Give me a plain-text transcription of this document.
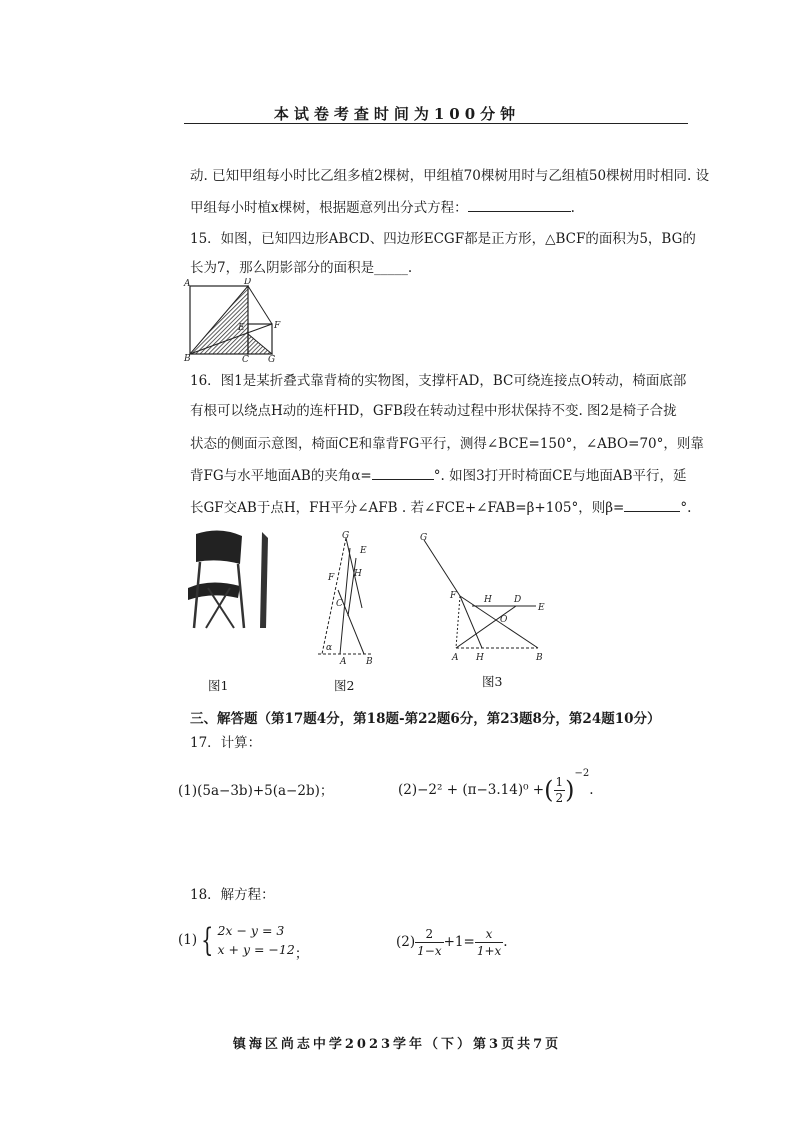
本试卷考查时间为100分钟
动. 已知甲组每小时比乙组多植2棵树，甲组植70棵树用时与乙组植50棵树用时相同. 设
甲组每小时植x棵树，根据题意列出分式方程：	.
15．如图，已知四边形ABCD、四边形ECGF都是正方形，△BCF的面积为5，BG的
长为7，那么阴影部分的面积是_____.
A	D
B	C G
F
E
16．图1是某折叠式靠背椅的实物图，支撑杆AD，BC可绕连接点O转动，椅面底部
有根可以绕点H动的连杆HD，GFB段在转动过程中形状保持不变. 图2是椅子合拢
状态的侧面示意图，椅面CE和靠背FG平行，测得∠BCE=150°，∠ABO=70°，则靠
背FG与水平地面AB的夹角α=	°. 如图3打开时椅面CE与地面AB平行，延
长GF交AB于点H，FH平分∠AFB . 若∠FCE+∠FAB=β+105°，则β=	°.
图1
G
E
F H
C
A B
α
图2
G
F	H D
E
O
A H	B
图3
三、解答题（第17题4分，第18题-第22题6分，第23题8分，第24题10分）
17．计算：
(1)(5a−3b)+5(a−2b)；	(2)−2² + (π−3.14)⁰ + ( $\frac{1}{2}$ )
−2
.
18．解方程：
(1) { 2x − y = 3
x + y = −12 ；
$(2) \frac{2}{1-x} +1= \frac{x}{1+x}$ .
镇海区尚志中学2023学年（下）第3页共7页
